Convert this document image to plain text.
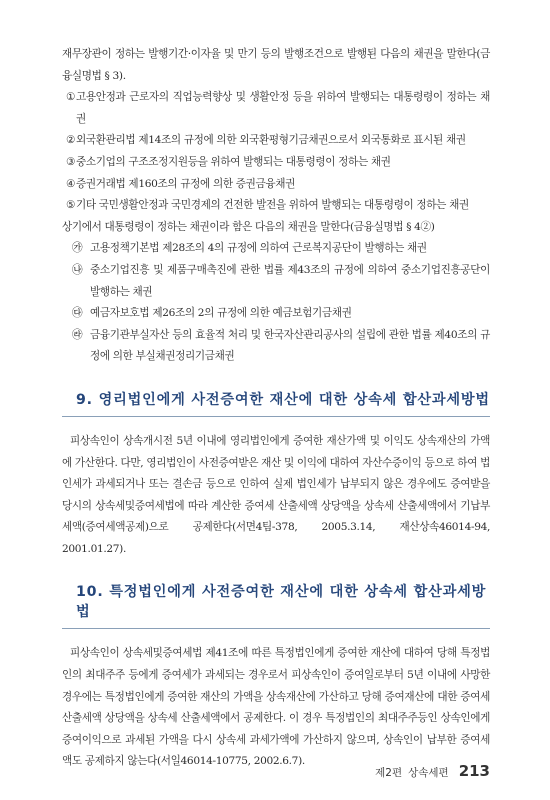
재무장관이 정하는 발행기간·이자율 및 만기 등의 발행조건으로 발행된 다음의 채권을 말한다(금융실명법 § 3).

① 고용안정과 근로자의 직업능력향상 및 생활안정 등을 위하여 발행되는 대통령령이 정하는 채권
② 외국환관리법 제14조의 규정에 의한 외국환평형기금채권으로서 외국통화로 표시된 채권
③ 중소기업의 구조조정지원등을 위하여 발행되는 대통령령이 정하는 채권
④ 증권거래법 제160조의 규정에 의한 증권금융채권
⑤ 기타 국민생활안정과 국민경제의 건전한 발전을 위하여 발행되는 대통령령이 정하는 채권

상기에서 대통령령이 정하는 채권이라 함은 다음의 채권을 말한다(금융실명법 § 4②)

㉮ 고용정책기본법 제28조의 4의 규정에 의하여 근로복지공단이 발행하는 채권
㉯ 중소기업진흥 및 제품구매촉진에 관한 법률 제43조의 규정에 의하여 중소기업진흥공단이 발행하는 채권
㉰ 예금자보호법 제26조의 2의 규정에 의한 예금보험기금채권
㉱ 금융기관부실자산 등의 효율적 처리 및 한국자산관리공사의 설립에 관한 법률 제40조의 규정에 의한 부실채권정리기금채권
9. 영리법인에게 사전증여한 재산에 대한 상속세 합산과세방법

피상속인이 상속개시전 5년 이내에 영리법인에게 증여한 재산가액 및 이익도 상속재산의 가액에 가산한다. 다만, 영리법인이 사전증여받은 재산 및 이익에 대하여 자산수증이익 등으로 하여 법인세가 과세되거나 또는 결손금 등으로 인하여 실제 법인세가 납부되지 않은 경우에도 증여받을 당시의 상속세및증여세법에 따라 계산한 증여세 산출세액 상당액을 상속세 산출세액에서 기납부세액(증여세액공제)으로 공제한다(서면4팀-378, 2005.3.14, 재산상속46014-94, 2001.01.27).

10. 특정법인에게 사전증여한 재산에 대한 상속세 합산과세방법

피상속인이 상속세및증여세법 제41조에 따른 특정법인에게 증여한 재산에 대하여 당해 특정법인의 최대주주 등에게 증여세가 과세되는 경우로서 피상속인이 증여일로부터 5년 이내에 사망한 경우에는 특정법인에게 증여한 재산의 가액을 상속재산에 가산하고 당해 증여재산에 대한 증여세 산출세액 상당액을 상속세 산출세액에서 공제한다. 이 경우 특정법인의 최대주주등인 상속인에게 증여이익으로 과세된 가액을 다시 상속세 과세가액에 가산하지 않으며, 상속인이 납부한 증여세액도 공제하지 않는다(서일46014-10775, 2002.6.7).

제2편 상속세편 213
